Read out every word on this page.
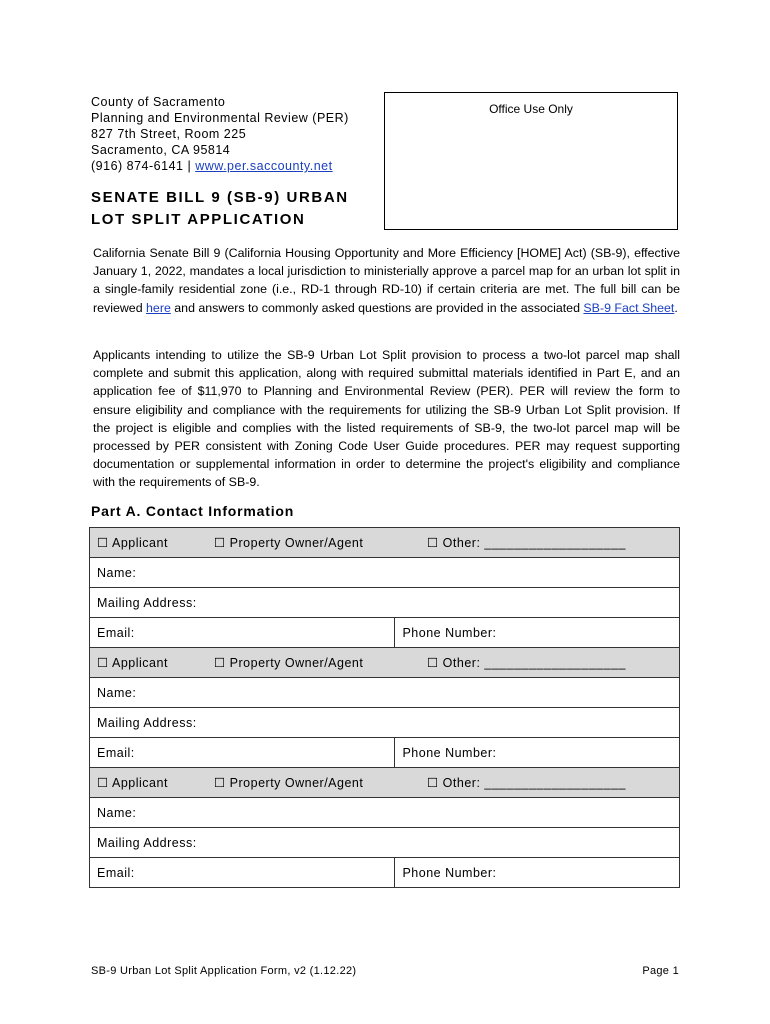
County of Sacramento
Planning and Environmental Review (PER)
827 7th Street, Room 225
Sacramento, CA 95814
(916) 874-6141 | www.per.saccounty.net
Office Use Only
SENATE BILL 9 (SB-9) URBAN
LOT SPLIT APPLICATION
California Senate Bill 9 (California Housing Opportunity and More Efficiency [HOME] Act) (SB-9), effective January 1, 2022, mandates a local jurisdiction to ministerially approve a parcel map for an urban lot split in a single-family residential zone (i.e., RD-1 through RD-10) if certain criteria are met. The full bill can be reviewed here and answers to commonly asked questions are provided in the associated SB-9 Fact Sheet.
Applicants intending to utilize the SB-9 Urban Lot Split provision to process a two-lot parcel map shall complete and submit this application, along with required submittal materials identified in Part E, and an application fee of $11,970 to Planning and Environmental Review (PER). PER will review the form to ensure eligibility and compliance with the requirements for utilizing the SB-9 Urban Lot Split provision. If the project is eligible and complies with the listed requirements of SB-9, the two-lot parcel map will be processed by PER consistent with Zoning Code User Guide procedures. PER may request supporting documentation or supplemental information in order to determine the project's eligibility and compliance with the requirements of SB-9.
Part A. Contact Information
☐ Applicant ☐ Property Owner/Agent ☐ Other: ___________________	
Name:	
Mailing Address:	
Email:	Phone Number:
☐ Applicant ☐ Property Owner/Agent ☐ Other: ___________________	
Name:	
Mailing Address:	
Email:	Phone Number:
☐ Applicant ☐ Property Owner/Agent ☐ Other: ___________________	
Name:	
Mailing Address:	
Email:	Phone Number:
SB-9 Urban Lot Split Application Form, v2 (1.12.22)	Page 1
